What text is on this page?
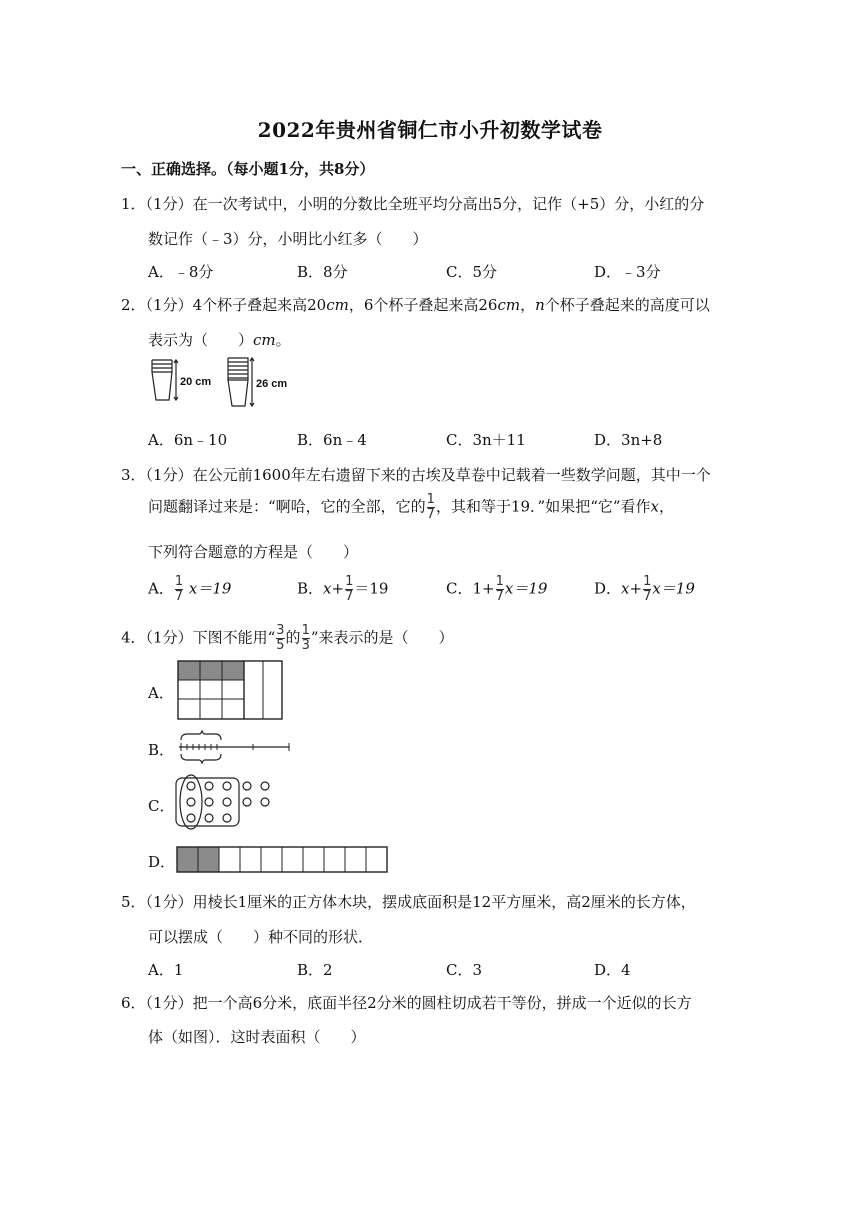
2022年贵州省铜仁市小升初数学试卷
一、正确选择。（每小题1分，共8分）
1．（1分）在一次考试中，小明的分数比全班平均分高出5分，记作（+5）分，小红的分
数记作（﹣3）分，小明比小红多（　　）
A．﹣8分	B．8分	C．5分	D．﹣3分
2．（1分）4个杯子叠起来高20cm，6个杯子叠起来高26cm，n个杯子叠起来的高度可以
表示为（　　）cm。
20 cm	26 cm
A．6n﹣10	B．6n﹣4	C．3n＋11	D．3n+8
3．（1分）在公元前1600年左右遗留下来的古埃及草卷中记载着一些数学问题，其中一个
问题翻译过来是：“啊哈，它的全部，它的 $\frac{1}{7}$ ，其和等于19．”如果把“它”看作x，
下列符合题意的方程是（　　）
A． $\frac{1}{7} x=19$	B．$x+ \frac{1}{7} =19$	C．$1+ \frac{1}{7} x=19$	D．$x+ \frac{1}{7} x=19$
4．（1分）下图不能用“ $\frac{3}{5}$ 的 $\frac{1}{3}$ ”来表示的是（　　）
A．
B．
C．
D．
5．（1分）用棱长1厘米的正方体木块，摆成底面积是12平方厘米，高2厘米的长方体，
可以摆成（　　）种不同的形状．
A．1	B．2	C．3	D．4
6．（1分）把一个高6分米，底面半径2分米的圆柱切成若干等份，拼成一个近似的长方
体（如图）．这时表面积（　　）
